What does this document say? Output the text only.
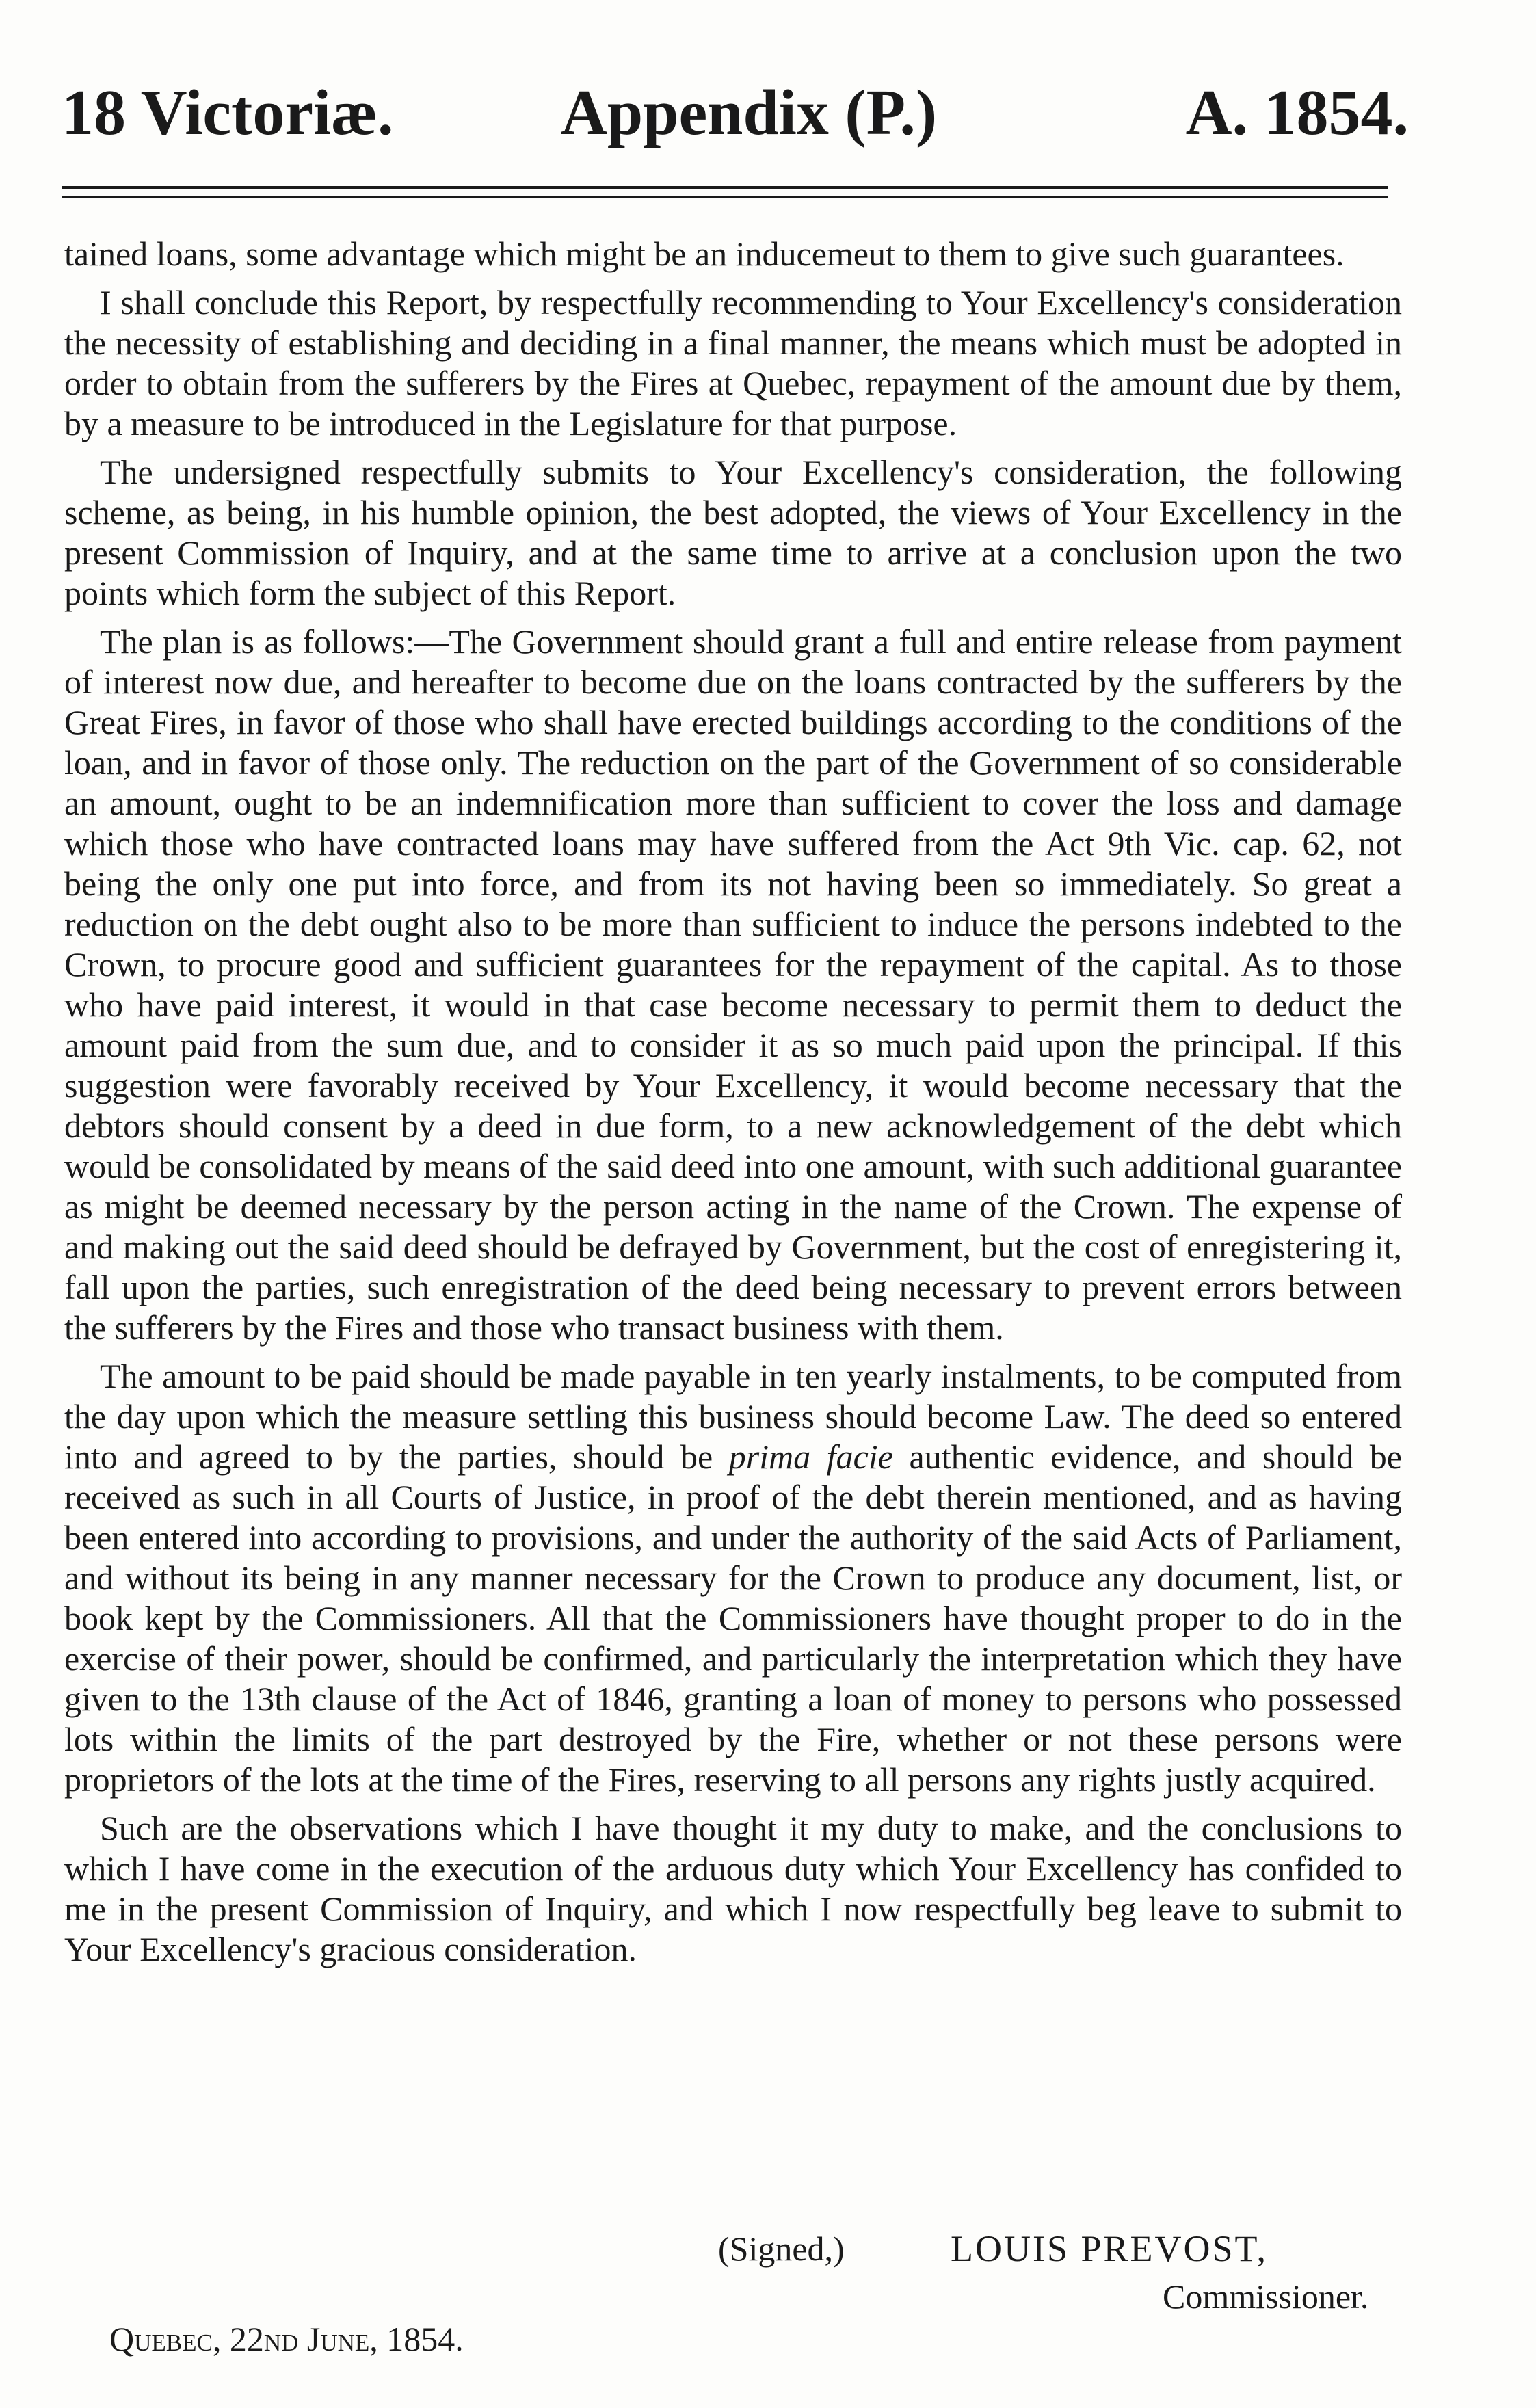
18 Victoriæ.	Appendix (P.)	A. 1854.

tained loans, some advantage which might be an inducemeut to them to give such guarantees.

I shall conclude this Report, by respectfully recommending to Your Excellency's consideration the necessity of establishing and deciding in a final manner, the means which must be adopted in order to obtain from the sufferers by the Fires at Quebec, repayment of the amount due by them, by a measure to be introduced in the Legislature for that purpose.

The undersigned respectfully submits to Your Excellency's consideration, the following scheme, as being, in his humble opinion, the best adopted, the views of Your Excellency in the present Commission of Inquiry, and at the same time to arrive at a conclusion upon the two points which form the subject of this Report.

The plan is as follows:—The Government should grant a full and entire release from payment of interest now due, and hereafter to become due on the loans contracted by the sufferers by the Great Fires, in favor of those who shall have erected buildings according to the conditions of the loan, and in favor of those only. The reduction on the part of the Government of so considerable an amount, ought to be an indemnification more than sufficient to cover the loss and damage which those who have contracted loans may have suffered from the Act 9th Vic. cap. 62, not being the only one put into force, and from its not having been so immediately. So great a reduction on the debt ought also to be more than sufficient to induce the persons indebted to the Crown, to procure good and sufficient guarantees for the repayment of the capital. As to those who have paid interest, it would in that case become necessary to permit them to deduct the amount paid from the sum due, and to consider it as so much paid upon the principal. If this suggestion were favorably received by Your Excellency, it would become necessary that the debtors should consent by a deed in due form, to a new acknowledgement of the debt which would be consolidated by means of the said deed into one amount, with such additional guarantee as might be deemed necessary by the person acting in the name of the Crown. The expense of and making out the said deed should be defrayed by Government, but the cost of enregistering it, fall upon the parties, such enregistration of the deed being necessary to prevent errors between the sufferers by the Fires and those who transact business with them.

The amount to be paid should be made payable in ten yearly instalments, to be computed from the day upon which the measure settling this business should become Law. The deed so entered into and agreed to by the parties, should be prima facie authentic evidence, and should be received as such in all Courts of Justice, in proof of the debt therein mentioned, and as having been entered into according to provisions, and under the authority of the said Acts of Parliament, and without its being in any manner necessary for the Crown to produce any document, list, or book kept by the Commissioners. All that the Commissioners have thought proper to do in the exercise of their power, should be confirmed, and particularly the interpretation which they have given to the 13th clause of the Act of 1846, granting a loan of money to persons who possessed lots within the limits of the part destroyed by the Fire, whether or not these persons were proprietors of the lots at the time of the Fires, reserving to all persons any rights justly acquired.

Such are the observations which I have thought it my duty to make, and the conclusions to which I have come in the execution of the arduous duty which Your Excellency has confided to me in the present Commission of Inquiry, and which I now respectfully beg leave to submit to Your Excellency's gracious consideration.

(Signed,)	LOUIS PREVOST,
Commissioner.
Quebec, 22nd June, 1854.
